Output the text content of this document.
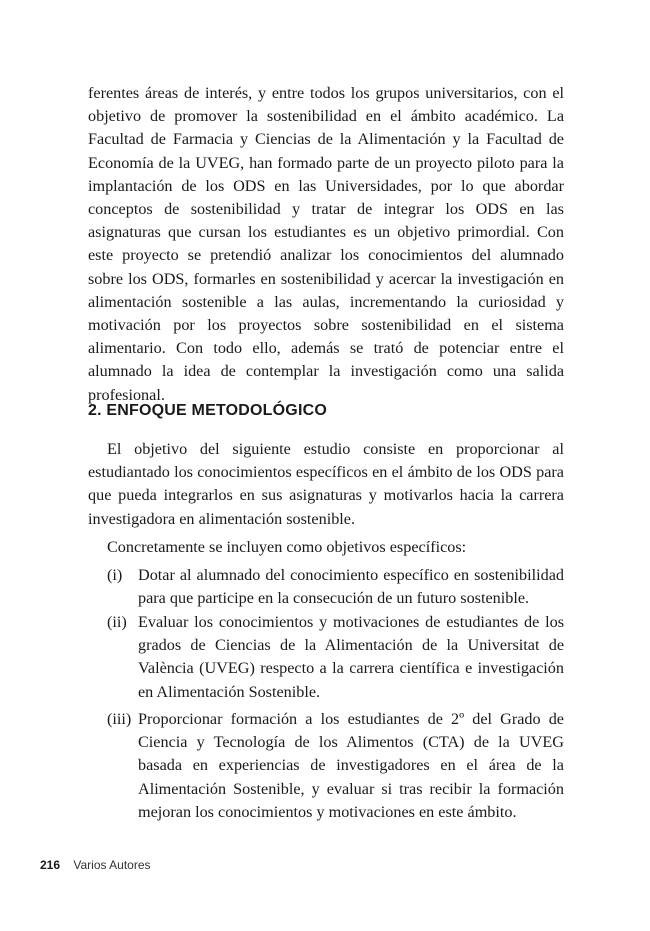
ferentes áreas de interés, y entre todos los grupos universitarios, con el objetivo de promover la sostenibilidad en el ámbito académico. La Facultad de Farmacia y Ciencias de la Alimentación y la Facultad de Economía de la UVEG, han formado parte de un proyecto piloto para la implantación de los ODS en las Universidades, por lo que abordar conceptos de sostenibilidad y tratar de integrar los ODS en las asignaturas que cursan los estudiantes es un objetivo primordial. Con este proyecto se pretendió analizar los conocimientos del alumnado sobre los ODS, formarles en sostenibilidad y acercar la investigación en alimentación sostenible a las aulas, incrementando la curiosidad y motivación por los proyectos sobre sostenibilidad en el sistema alimentario. Con todo ello, además se trató de potenciar entre el alumnado la idea de contemplar la investigación como una salida profesional.

2. ENFOQUE METODOLÓGICO

El objetivo del siguiente estudio consiste en proporcionar al estudiantado los conocimientos específicos en el ámbito de los ODS para que pueda integrarlos en sus asignaturas y motivarlos hacia la carrera investigadora en alimentación sostenible.

Concretamente se incluyen como objetivos específicos:

(i) Dotar al alumnado del conocimiento específico en sostenibilidad para que participe en la consecución de un futuro sostenible.

(ii) Evaluar los conocimientos y motivaciones de estudiantes de los grados de Ciencias de la Alimentación de la Universitat de València (UVEG) respecto a la carrera científica e investigación en Alimentación Sostenible.

(iii) Proporcionar formación a los estudiantes de 2º del Grado de Ciencia y Tecnología de los Alimentos (CTA) de la UVEG basada en experiencias de investigadores en el área de la Alimentación Sostenible, y evaluar si tras recibir la formación mejoran los conocimientos y motivaciones en este ámbito.

216 Varios Autores
